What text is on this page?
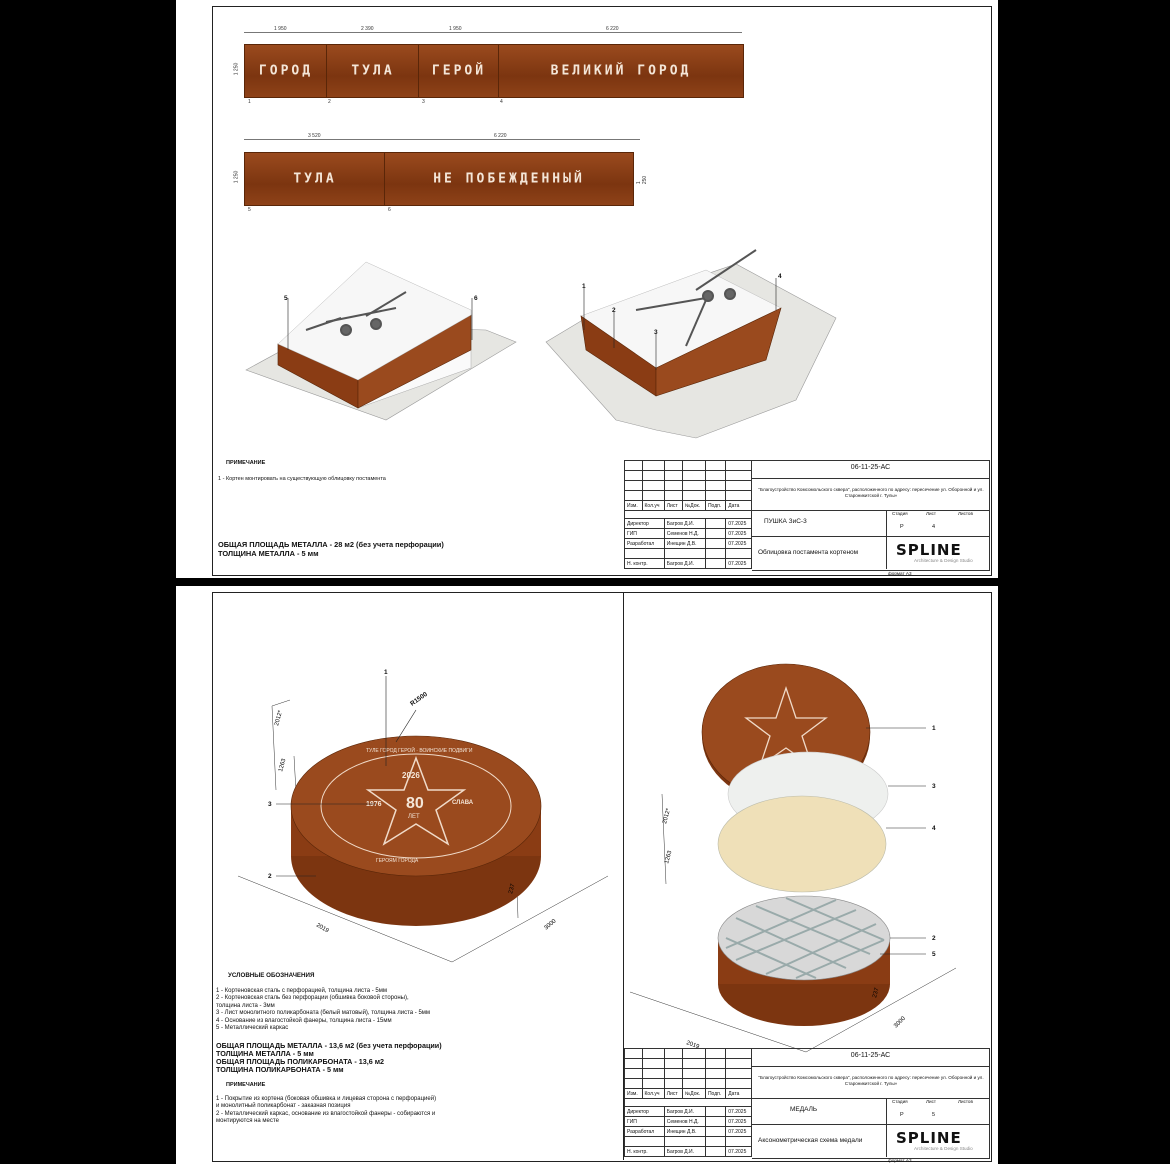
1 950	2 390	1 950	6 220
1 250	ГОРОД	ТУЛА	ГЕРОЙ	ВЕЛИКИЙ ГОРОД
1	2	3	4
3 520	6 220
1 250	1 250
ТУЛА	НЕ ПОБЕЖДЕННЫЙ
5	6
5	6
1
2
3
4
ПРИМЕЧАНИЕ
1 - Кортен монтировать на существующую облицовку постамента
ОБЩАЯ ПЛОЩАДЬ МЕТАЛЛА - 28 м2 (без учета перфорации)
ТОЛЩИНА МЕТАЛЛА - 5 мм

Изм.	Кол.уч	Лист	№Док.	Подп.	Дата

Директор		Багров Д.И.			07.2025
ГИП		Семенов Н.Д.			07.2025
Разработал		Инещин Д.В.			07.2025

Н. контр.		Багров Д.И.			07.2025
06-11-25-АС
"Благоустройство Комсомольского сквера", расположенного по адресу: пересечение ул. Оборонной и ул. Староникитской г. Тулы»
ПУШКА ЗиС-3
Стадия	Лист	Листов
Р	4
Облицовка постамента кортеном	SPLINE
Architecture & Design Studio
формат А3
80
ЛЕТ
2026
1976	СЛАВА
ТУЛЕ ГОРОД ГЕРОЙ · ВОИНСКИЕ ПОДВИГИ
ГЕРОЯМ ГОРОДА
1
3
2
R1500
2019	3000
2012*
1263
237
1
3
4
2
5
2019
3000
2012*
1263
237
УСЛОВНЫЕ ОБОЗНАЧЕНИЯ
1 - Кортеновская сталь с перфорацией, толщина листа - 5мм
2 - Кортеновская сталь без перфорации (обшивка боковой стороны),
толщина листа - 3мм
3 - Лист монолитного поликарбоната (белый матовый), толщина листа - 5мм
4 - Основание из влагостойкой фанеры, толщина листа - 15мм
5 - Металлический каркас
ОБЩАЯ ПЛОЩАДЬ МЕТАЛЛА - 13,6 м2 (без учета перфорации)
ТОЛЩИНА МЕТАЛЛА - 5 мм
ОБЩАЯ ПЛОЩАДЬ ПОЛИКАРБОНАТА - 13,6 м2
ТОЛЩИНА ПОЛИКАРБОНАТА - 5 мм
ПРИМЕЧАНИЕ
1 - Покрытие из кортена (боковая обшивка и лицевая сторона с перфорацией)
и монолитный поликарбонат - заказная позиция
2 - Металлический каркас, основание из влагостойкой фанеры - собираются и
монтируются на месте

Изм.	Кол.уч	Лист	№Док.	Подп.	Дата

Директор		Багров Д.И.			07.2025
ГИП		Семенов Н.Д.			07.2025
Разработал		Инещин Д.В.			07.2025

Н. контр.		Багров Д.И.			07.2025
06-11-25-АС
"Благоустройство Комсомольского сквера", расположенного по адресу: пересечение ул. Оборонной и ул. Староникитской г. Тулы»
МЕДАЛЬ
Стадия	Лист	Листов
Р	5
Аксонометрическая схема медали SPLINE
Architecture & Design Studio
формат А3
